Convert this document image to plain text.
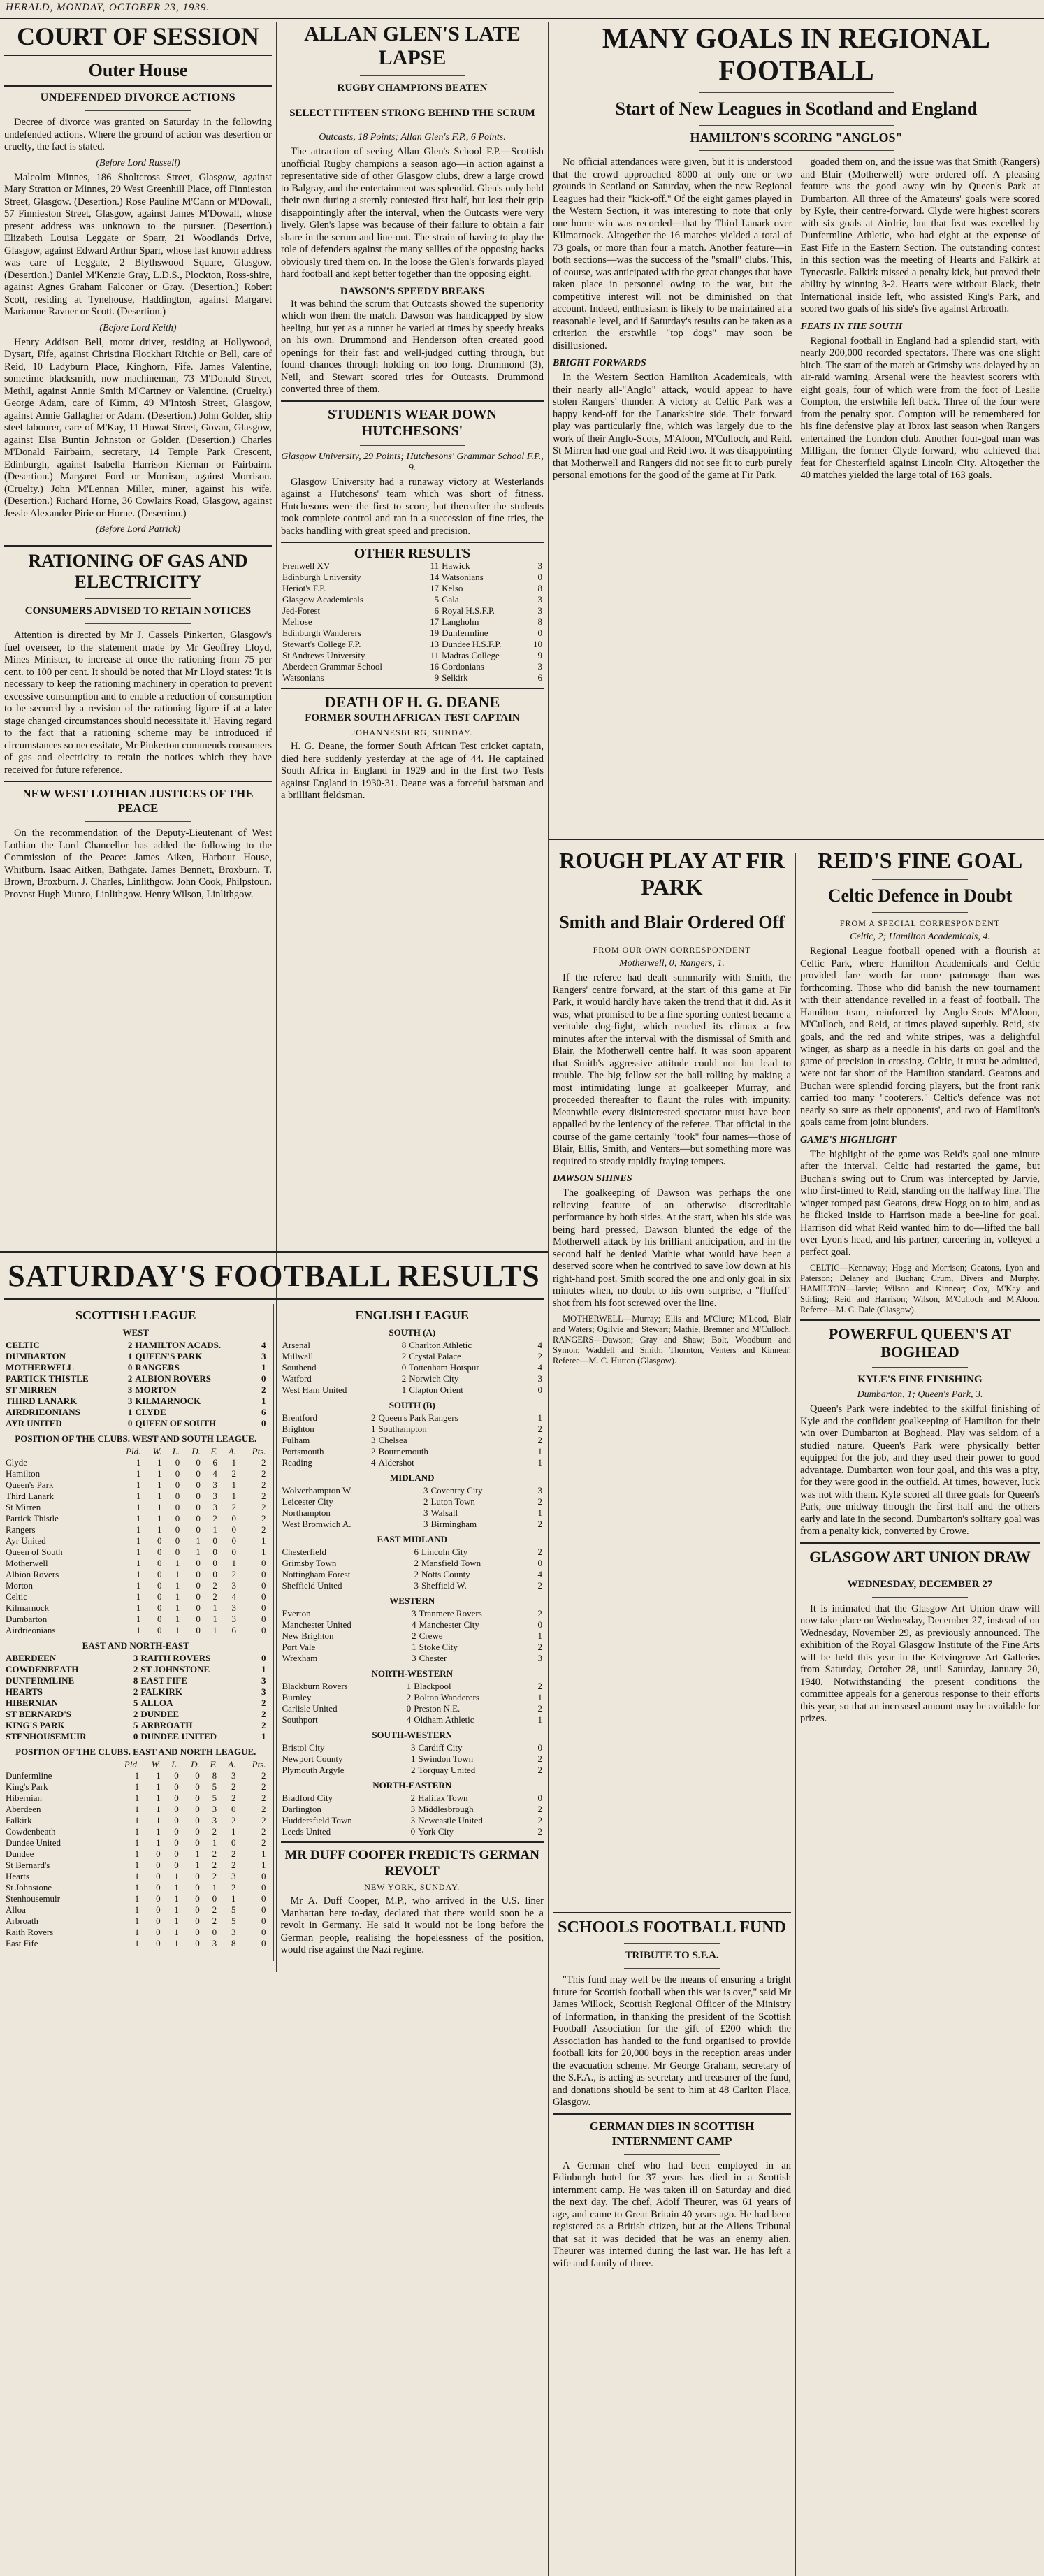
HERALD, MONDAY, OCTOBER 23, 1939.
COURT OF SESSION
Outer House
UNDEFENDED DIVORCE ACTIONS

Decree of divorce was granted on Saturday in the following undefended actions. Where the ground of action was desertion or cruelty, the fact is stated.

(Before Lord Russell)

Malcolm Minnes, 186 Sholtcross Street, Glasgow, against Mary Stratton or Minnes, 29 West Greenhill Place, off Finnieston Street, Glasgow. (Desertion.) Rose Pauline M'Cann or M'Dowall, 57 Finnieston Street, Glasgow, against James M'Dowall, whose present address was unknown to the pursuer. (Desertion.) Elizabeth Louisa Leggate or Sparr, 21 Woodlands Drive, Glasgow, against Edward Arthur Sparr, whose last known address was care of Leggate, 2 Blythswood Square, Glasgow. (Desertion.) Daniel M'Kenzie Gray, L.D.S., Plockton, Ross-shire, against Agnes Graham Falconer or Gray. (Desertion.) Robert Scott, residing at Tynehouse, Haddington, against Margaret Mariamne Ravner or Scott. (Desertion.)

(Before Lord Keith)

Henry Addison Bell, motor driver, residing at Hollywood, Dysart, Fife, against Christina Flockhart Ritchie or Bell, care of Reid, 10 Ladyburn Place, Kinghorn, Fife. James Valentine, sometime blacksmith, now machineman, 73 M'Donald Street, Methil, against Annie Smith M'Cartney or Valentine. (Cruelty.) George Adam, care of Kimm, 49 M'Intosh Street, Glasgow, against Annie Gallagher or Adam. (Desertion.) John Golder, ship steel labourer, care of M'Kay, 11 Howat Street, Govan, Glasgow, against Elsa Buntin Johnston or Golder. (Desertion.) Charles M'Donald Fairbairn, secretary, 14 Temple Park Crescent, Edinburgh, against Isabella Harrison Kiernan or Fairbairn. (Desertion.) Margaret Ford or Morrison, against Morrison. (Cruelty.) John M'Lennan Miller, miner, against his wife. (Desertion.) Richard Horne, 36 Cowlairs Road, Glasgow, against Jessie Alexander Pirie or Horne. (Desertion.)

(Before Lord Patrick)
RATIONING OF GAS AND ELECTRICITY
CONSUMERS ADVISED TO RETAIN NOTICES

Attention is directed by Mr J. Cassels Pinkerton, Glasgow's fuel overseer, to the statement made by Mr Geoffrey Lloyd, Mines Minister, to increase at once the rationing from 75 per cent. to 100 per cent. It should be noted that Mr Lloyd states: 'It is necessary to keep the rationing machinery in operation to prevent excessive consumption and to enable a reduction of consumption to be secured by a revision of the rationing figure if at a later stage changed circumstances should necessitate it.' Having regard to the fact that a rationing scheme may be introduced if circumstances so necessitate, Mr Pinkerton commends consumers of gas and electricity to retain the notices which they have received for future reference.

NEW WEST LOTHIAN JUSTICES OF THE PEACE

On the recommendation of the Deputy-Lieutenant of West Lothian the Lord Chancellor has added the following to the Commission of the Peace: James Aiken, Harbour House, Whitburn. Isaac Aitken, Bathgate. James Bennett, Broxburn. T. Brown, Broxburn. J. Charles, Linlithgow. John Cook, Philpstoun. Provost Hugh Munro, Linlithgow. Henry Wilson, Linlithgow.

ALLAN GLEN'S LATE LAPSE
RUGBY CHAMPIONS BEATEN
SELECT FIFTEEN STRONG BEHIND THE SCRUM
Outcasts, 18 Points; Allan Glen's F.P., 6 Points.

The attraction of seeing Allan Glen's School F.P.—Scottish unofficial Rugby champions a season ago—in action against a representative side of other Glasgow clubs, drew a large crowd to Balgray, and the entertainment was splendid. Glen's only held their own during a sternly contested first half, but lost their grip disappointingly after the interval, when the Outcasts were very lively. Glen's lapse was because of their failure to obtain a fair share in the scrum and line-out. The strain of having to play the role of defenders against the many sallies of the opposing backs obviously tired them on. In the loose the Glen's forwards played hard football and kept better together than the opposing eight.

DAWSON'S SPEEDY BREAKS

It was behind the scrum that Outcasts showed the superiority which won them the match. Dawson was handicapped by slow heeling, but yet as a runner he varied at times by speedy breaks on his own. Drummond and Henderson often created good openings for their fast and well-judged cutting through, but found chances through holding on too long. Drummond (3), Neil, and Stewart scored tries for Outcasts. Drummond converted three of them.

STUDENTS WEAR DOWN HUTCHESONS'
Glasgow University, 29 Points; Hutchesons' Grammar School F.P., 9.

Glasgow University had a runaway victory at Westerlands against a Hutchesons' team which was short of fitness. Hutchesons were the first to score, but thereafter the students took complete control and ran in a succession of fine tries, the backs handling with great speed and precision.

OTHER RESULTS
Frenwell XV	11	Hawick	3
Edinburgh University	14	Watsonians	0
Heriot's F.P.	17	Kelso	8
Glasgow Academicals	5	Gala	3
Jed-Forest	6	Royal H.S.F.P.	3
Melrose	17	Langholm	8
Edinburgh Wanderers	19	Dunfermline	0
Stewart's College F.P.	13	Dundee H.S.F.P.	10
St Andrews University	11	Madras College	9
Aberdeen Grammar School	16	Gordonians	3
Watsonians	9	Selkirk	6
DEATH OF H. G. DEANE
FORMER SOUTH AFRICAN TEST CAPTAIN
JOHANNESBURG, SUNDAY.

H. G. Deane, the former South African Test cricket captain, died here suddenly yesterday at the age of 44. He captained South Africa in England in 1929 and in the first two Tests against England in 1930-31. Deane was a forceful batsman and a brilliant fieldsman.

MANY GOALS IN REGIONAL FOOTBALL
Start of New Leagues in Scotland and England
HAMILTON'S SCORING "ANGLOS"

No official attendances were given, but it is understood that the crowd approached 8000 at only one or two grounds in Scotland on Saturday, when the new Regional Leagues had their "kick-off." Of the eight games played in the Western Section, it was interesting to note that only one home win was recorded—that by Third Lanark over Kilmarnock. Altogether the 16 matches yielded a total of 73 goals, or more than four a match. Another feature—in both sections—was the success of the "small" clubs. This, of course, was anticipated with the great changes that have taken place in personnel owing to the war, but the competitive interest will not be diminished on that account. Indeed, enthusiasm is likely to be maintained at a reasonable level, and if Saturday's results can be taken as a criterion the erstwhile "top dogs" may soon be disillusioned.

BRIGHT FORWARDS

In the Western Section Hamilton Academicals, with their nearly all-"Anglo" attack, would appear to have stolen Rangers' thunder. A victory at Celtic Park was a happy kend-off for the Lanarkshire side. Their forward play was particularly fine, which was largely due to the work of their Anglo-Scots, M'Aloon, M'Culloch, and Reid. St Mirren had one goal and Reid two. It was disappointing that Motherwell and Rangers did not see fit to curb purely personal emotions for the good of the game at Fir Park.

goaded them on, and the issue was that Smith (Rangers) and Blair (Motherwell) were ordered off. A pleasing feature was the good away win by Queen's Park at Dumbarton. All three of the Amateurs' goals were scored by Kyle, their centre-forward. Clyde were highest scorers with six goals at Airdrie, but that feat was excelled by Dunfermline Athletic, who had eight at the expense of East Fife in the Eastern Section. The outstanding contest in this section was the meeting of Hearts and Falkirk at Tynecastle. Falkirk missed a penalty kick, but proved their ability by winning 3-2. Hearts were without Black, their International inside left, who assisted King's Park, and scored two goals of his side's five against Arbroath.

FEATS IN THE SOUTH

Regional football in England had a splendid start, with nearly 200,000 recorded spectators. There was one slight hitch. The start of the match at Grimsby was delayed by an air-raid warning. Arsenal were the heaviest scorers with eight goals, four of which were from the foot of Leslie Compton, the erstwhile left back. Three of the four were from the penalty spot. Compton will be remembered for his fine defensive play at Ibrox last season when Rangers entertained the London club. Another four-goal man was Milligan, the former Clyde forward, who achieved that feat for Chesterfield against Lincoln City. Altogether the 40 matches yielded the large total of 163 goals.

ROUGH PLAY AT FIR PARK
Smith and Blair Ordered Off
FROM OUR OWN CORRESPONDENT
Motherwell, 0; Rangers, 1.

If the referee had dealt summarily with Smith, the Rangers' centre forward, at the start of this game at Fir Park, it would hardly have taken the trend that it did. As it was, what promised to be a fine sporting contest became a veritable dog-fight, which reached its climax a few minutes after the interval with the dismissal of Smith and Blair, the Motherwell centre half. It was soon apparent that Smith's aggressive attitude could not but lead to trouble. The big fellow set the ball rolling by making a most intimidating lunge at goalkeeper Murray, and proceeded thereafter to flaunt the rules with impunity. Meanwhile every disinterested spectator must have been appalled by the leniency of the referee. That official in the course of the game certainly "took" four names—those of Blair, Ellis, Smith, and Venters—but something more was required to steady rapidly fraying tempers.

DAWSON SHINES

The goalkeeping of Dawson was perhaps the one relieving feature of an otherwise discreditable performance by both sides. At the start, when his side was being hard pressed, Dawson blunted the edge of the Motherwell attack by his brilliant anticipation, and in the second half he denied Mathie what would have been a deserved score when he contrived to save low down at his right-hand post. Smith scored the one and only goal in six minutes when, no doubt to his own surprise, a "fluffed" shot from his foot screwed over the line.

MOTHERWELL—Murray; Ellis and M'Clure; M'Leod, Blair and Waters; Ogilvie and Stewart; Mathie, Bremner and M'Culloch. RANGERS—Dawson; Gray and Shaw; Bolt, Woodburn and Symon; Waddell and Smith; Thornton, Venters and Kinnear. Referee—M. C. Hutton (Glasgow).

REID'S FINE GOAL
Celtic Defence in Doubt
FROM A SPECIAL CORRESPONDENT
Celtic, 2; Hamilton Academicals, 4.

Regional League football opened with a flourish at Celtic Park, where Hamilton Academicals and Celtic provided fare worth far more patronage than was forthcoming. Those who did banish the new tournament with their attendance revelled in a feast of football. The Hamilton team, reinforced by Anglo-Scots M'Aloon, M'Culloch, and Reid, at times played superbly. Reid, six goals, and the red and white stripes, was a delightful winger, as sharp as a needle in his darts on goal and the game of precision in crossing. Celtic, it must be admitted, were not far short of the Hamilton standard. Geatons and Buchan were splendid forcing players, but the front rank carried too many "cooterers." Celtic's defence was not nearly so sure as their opponents', and two of Hamilton's goals came from joint blunders.

GAME'S HIGHLIGHT

The highlight of the game was Reid's goal one minute after the interval. Celtic had restarted the game, but Buchan's swing out to Crum was intercepted by Jarvie, who first-timed to Reid, standing on the halfway line. The winger romped past Geatons, drew Hogg on to him, and as he flicked inside to Harrison made a bee-line for goal. Harrison did what Reid wanted him to do—lifted the ball over Lyon's head, and his partner, careering in, volleyed a perfect goal.

CELTIC—Kennaway; Hogg and Morrison; Geatons, Lyon and Paterson; Delaney and Buchan; Crum, Divers and Murphy. HAMILTON—Jarvie; Wilson and Kinnear; Cox, M'Kay and Stirling; Reid and Harrison; Wilson, M'Culloch and M'Aloon. Referee—M. C. Dale (Glasgow).

POWERFUL QUEEN'S AT BOGHEAD
KYLE'S FINE FINISHING
Dumbarton, 1; Queen's Park, 3.

Queen's Park were indebted to the skilful finishing of Kyle and the confident goalkeeping of Hamilton for their win over Dumbarton at Boghead. Play was seldom of a studied nature. Queen's Park were physically better equipped for the job, and they used their power to good advantage. Dumbarton won four goal, and this was a pity, for they were good in the outfield. At times, however, luck was not with them. Kyle scored all three goals for Queen's Park, one midway through the first half and the others early and late in the second. Dumbarton's solitary goal was from a penalty kick, converted by Crowe.

GLASGOW ART UNION DRAW
WEDNESDAY, DECEMBER 27

It is intimated that the Glasgow Art Union draw will now take place on Wednesday, December 27, instead of on Wednesday, November 29, as previously announced. The exhibition of the Royal Glasgow Institute of the Fine Arts will be held this year in the Kelvingrove Art Galleries from Saturday, October 28, until Saturday, January 20, 1940. Notwithstanding the present conditions the committee appeals for a generous response to their efforts this year, so that an increased amount may be available for prizes.

SCHOOLS FOOTBALL FUND
TRIBUTE TO S.F.A.

"This fund may well be the means of ensuring a bright future for Scottish football when this war is over," said Mr James Willock, Scottish Regional Officer of the Ministry of Information, in thanking the president of the Scottish Football Association for the gift of £200 which the Association has handed to the fund organised to provide football kits for 20,000 boys in the reception areas under the evacuation scheme. Mr George Graham, secretary of the S.F.A., is acting as secretary and treasurer of the fund, and donations should be sent to him at 48 Carlton Place, Glasgow.

GERMAN DIES IN SCOTTISH INTERNMENT CAMP

A German chef who had been employed in an Edinburgh hotel for 37 years has died in a Scottish internment camp. He was taken ill on Saturday and died the next day. The chef, Adolf Theurer, was 61 years of age, and came to Great Britain 40 years ago. He had been registered as a British citizen, but at the Aliens Tribunal that sat it was decided that he was an enemy alien. Theurer was interned during the last war. He has left a wife and family of three.

SATURDAY'S FOOTBALL RESULTS
SCOTTISH LEAGUE
WEST
CELTIC	2	HAMILTON ACADS.	4
DUMBARTON	1	QUEEN'S PARK	3
MOTHERWELL	0	RANGERS	1
PARTICK THISTLE	2	ALBION ROVERS	0
ST MIRREN	3	MORTON	2
THIRD LANARK	3	KILMARNOCK	1
AIRDRIEONIANS	1	CLYDE	6
AYR UNITED	0	QUEEN OF SOUTH	0
POSITION OF THE CLUBS. WEST AND SOUTH LEAGUE.
	Pld.	W.	L.	D.	F.	A.	Pts.
Clyde	1	1	0	0	6	1	2
Hamilton	1	1	0	0	4	2	2
Queen's Park	1	1	0	0	3	1	2
Third Lanark	1	1	0	0	3	1	2
St Mirren	1	1	0	0	3	2	2
Partick Thistle	1	1	0	0	2	0	2
Rangers	1	1	0	0	1	0	2
Ayr United	1	0	0	1	0	0	1
Queen of South	1	0	0	1	0	0	1
Motherwell	1	0	1	0	0	1	0
Albion Rovers	1	0	1	0	0	2	0
Morton	1	0	1	0	2	3	0
Celtic	1	0	1	0	2	4	0
Kilmarnock	1	0	1	0	1	3	0
Dumbarton	1	0	1	0	1	3	0
Airdrieonians	1	0	1	0	1	6	0
EAST AND NORTH-EAST
ABERDEEN	3	RAITH ROVERS	0
COWDENBEATH	2	ST JOHNSTONE	1
DUNFERMLINE	8	EAST FIFE	3
HEARTS	2	FALKIRK	3
HIBERNIAN	5	ALLOA	2
ST BERNARD'S	2	DUNDEE	2
KING'S PARK	5	ARBROATH	2
STENHOUSEMUIR	0	DUNDEE UNITED	1
POSITION OF THE CLUBS. EAST AND NORTH LEAGUE.
	Pld.	W.	L.	D.	F.	A.	Pts.
Dunfermline	1	1	0	0	8	3	2
King's Park	1	1	0	0	5	2	2
Hibernian	1	1	0	0	5	2	2
Aberdeen	1	1	0	0	3	0	2
Falkirk	1	1	0	0	3	2	2
Cowdenbeath	1	1	0	0	2	1	2
Dundee United	1	1	0	0	1	0	2
Dundee	1	0	0	1	2	2	1
St Bernard's	1	0	0	1	2	2	1
Hearts	1	0	1	0	2	3	0
St Johnstone	1	0	1	0	1	2	0
Stenhousemuir	1	0	1	0	0	1	0
Alloa	1	0	1	0	2	5	0
Arbroath	1	0	1	0	2	5	0
Raith Rovers	1	0	1	0	0	3	0
East Fife	1	0	1	0	3	8	0
ENGLISH LEAGUE
SOUTH (A)
Arsenal	8	Charlton Athletic	4
Millwall	2	Crystal Palace	2
Southend	0	Tottenham Hotspur	4
Watford	2	Norwich City	3
West Ham United	1	Clapton Orient	0
SOUTH (B)
Brentford	2	Queen's Park Rangers	1
Brighton	1	Southampton	2
Fulham	3	Chelsea	2
Portsmouth	2	Bournemouth	1
Reading	4	Aldershot	1
MIDLAND
Wolverhampton W.	3	Coventry City	3
Leicester City	2	Luton Town	2
Northampton	3	Walsall	1
West Bromwich A.	3	Birmingham	2
EAST MIDLAND
Chesterfield	6	Lincoln City	2
Grimsby Town	2	Mansfield Town	0
Nottingham Forest	2	Notts County	4
Sheffield United	3	Sheffield W.	2
WESTERN
Everton	3	Tranmere Rovers	2
Manchester United	4	Manchester City	0
New Brighton	2	Crewe	1
Port Vale	1	Stoke City	2
Wrexham	3	Chester	3
NORTH-WESTERN
Blackburn Rovers	1	Blackpool	2
Burnley	2	Bolton Wanderers	1
Carlisle United	0	Preston N.E.	2
Southport	4	Oldham Athletic	1
SOUTH-WESTERN
Bristol City	3	Cardiff City	0
Newport County	1	Swindon Town	2
Plymouth Argyle	2	Torquay United	2
NORTH-EASTERN
Bradford City	2	Halifax Town	0
Darlington	3	Middlesbrough	2
Huddersfield Town	3	Newcastle United	2
Leeds United	0	York City	2
MR DUFF COOPER PREDICTS GERMAN REVOLT
NEW YORK, SUNDAY.

Mr A. Duff Cooper, M.P., who arrived in the U.S. liner Manhattan here to-day, declared that there would soon be a revolt in Germany. He said it would not be long before the German people, realising the hopelessness of the position, would rise against the Nazi regime.
